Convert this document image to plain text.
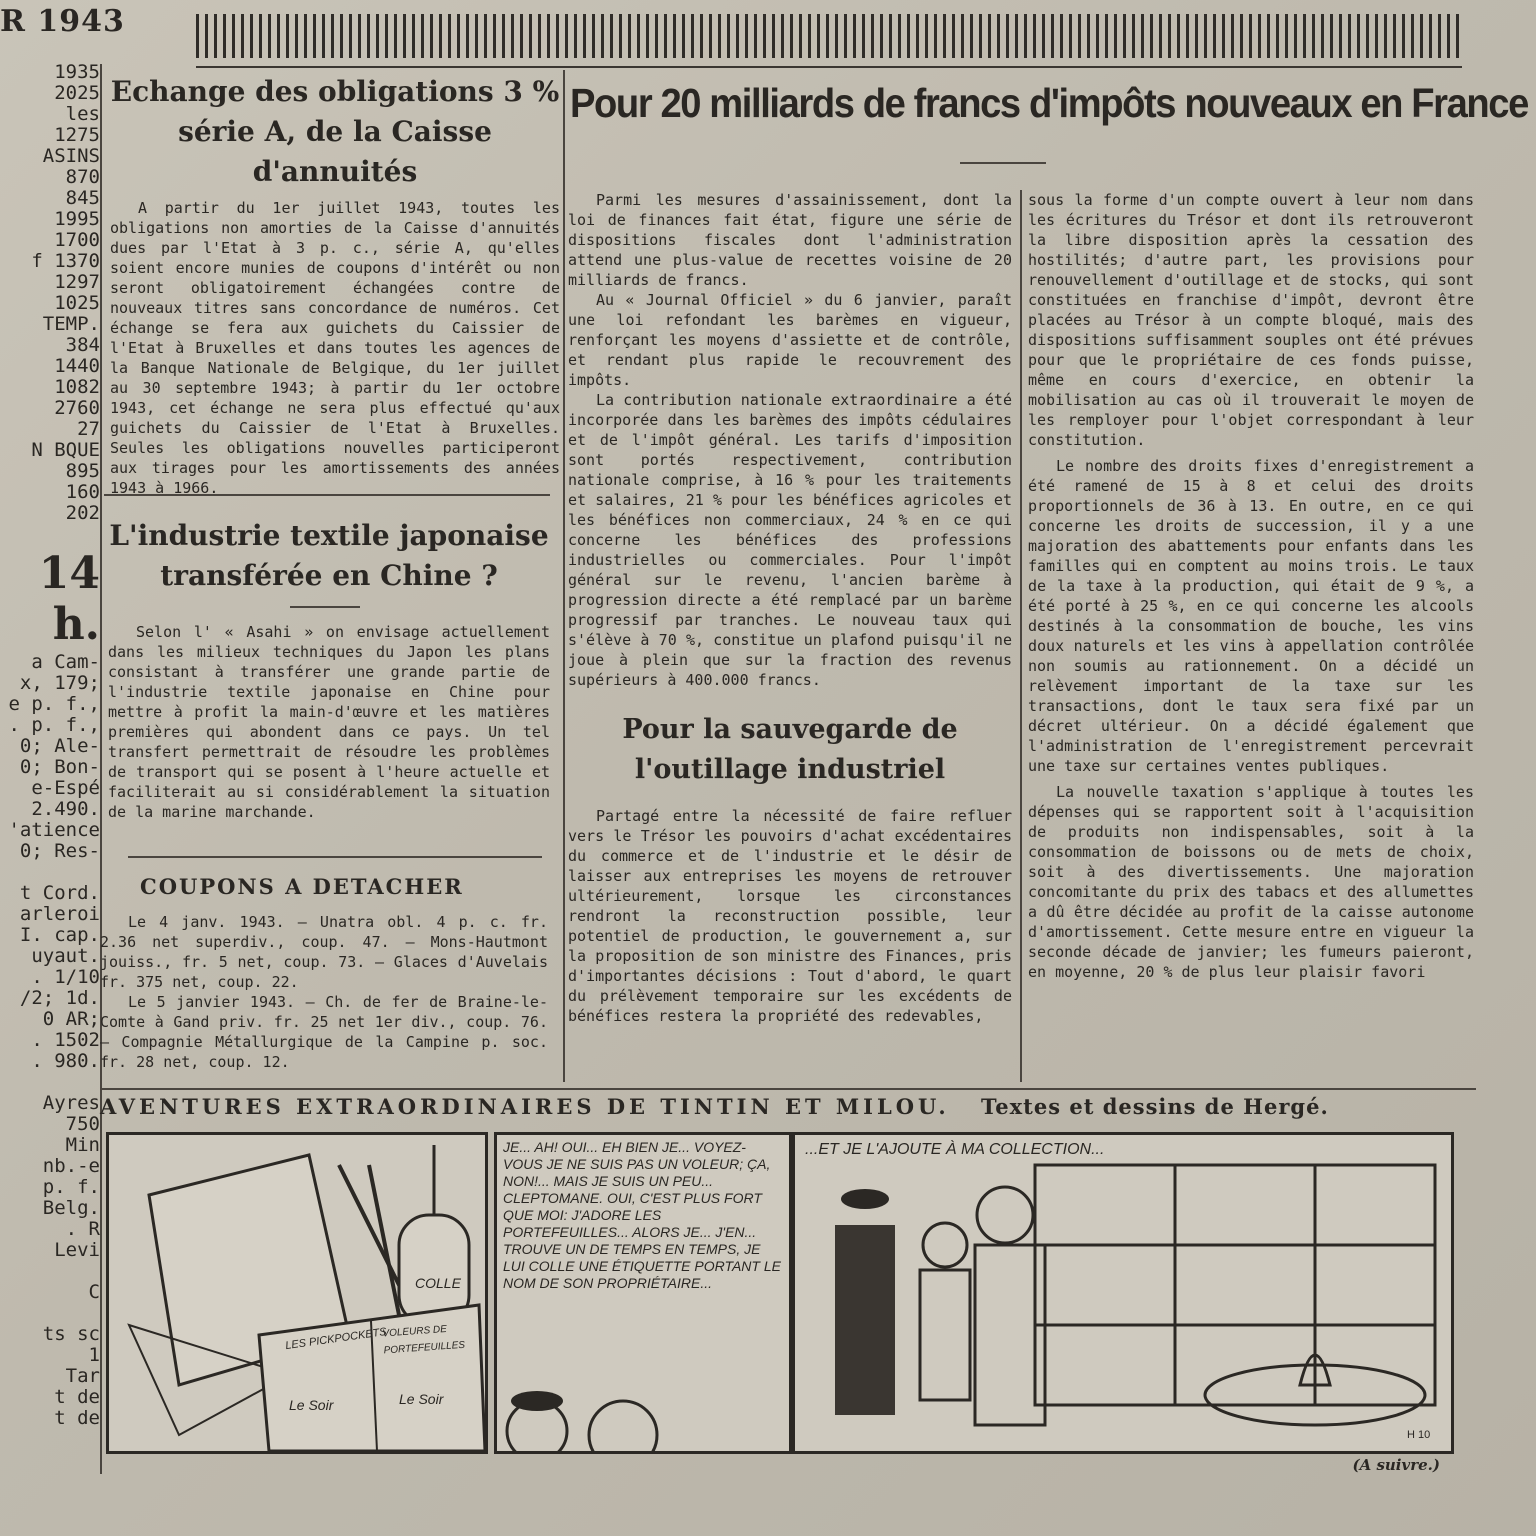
R 1943
1935
2025
les
1275
ASINS
870
845
1995
1700
f 1370
1297
1025
TEMP.
384
1440
1082
2760
27
N BQUE
895
160
202
14 h.
a Cam-
x, 179;
e p. f.,
. p. f.,
0; Ale-
0; Bon-
e-Espé
2.490.
'atience
0; Res-

t Cord.
arleroi
I. cap.
uyaut.
. 1/10
/2; 1d.
0 AR;
. 1502
. 980.

Ayres
750
Min
nb.-e
p. f.
Belg.
. R
Levi

C

ts sc
1
Tar
t de
t de
Echange des obligations 3 % série A, de la Caisse d'annuités

A partir du 1er juillet 1943, toutes les obligations non amorties de la Caisse d'annuités dues par l'Etat à 3 p. c., série A, qu'elles soient encore munies de coupons d'intérêt ou non seront obligatoirement échangées contre de nouveaux titres sans concordance de numéros. Cet échange se fera aux guichets du Caissier de l'Etat à Bruxelles et dans toutes les agences de la Banque Nationale de Belgique, du 1er juillet au 30 septembre 1943; à partir du 1er octobre 1943, cet échange ne sera plus effectué qu'aux guichets du Caissier de l'Etat à Bruxelles. Seules les obligations nouvelles participeront aux tirages pour les amortissements des années 1943 à 1966.

L'industrie textile japonaise transférée en Chine ?

Selon l' « Asahi » on envisage actuellement dans les milieux techniques du Japon les plans consistant à transférer une grande partie de l'industrie textile japonaise en Chine pour mettre à profit la main-d'œuvre et les matières premières qui abondent dans ce pays. Un tel transfert permettrait de résoudre les problèmes de transport qui se posent à l'heure actuelle et faciliterait au si considérablement la situation de la marine marchande.

COUPONS A DETACHER

Le 4 janv. 1943. — Unatra obl. 4 p. c. fr. 2.36 net superdiv., coup. 47. — Mons-Hautmont jouiss., fr. 5 net, coup. 73. — Glaces d'Auvelais fr. 375 net, coup. 22.

Le 5 janvier 1943. — Ch. de fer de Braine-le-Comte à Gand priv. fr. 25 net 1er div., coup. 76. — Compagnie Métallurgique de la Campine p. soc. fr. 28 net, coup. 12.

Pour 20 milliards de francs d'impôts nouveaux en France

Parmi les mesures d'assainissement, dont la loi de finances fait état, figure une série de dispositions fiscales dont l'administration attend une plus-value de recettes voisine de 20 milliards de francs.

Au « Journal Officiel » du 6 janvier, paraît une loi refondant les barèmes en vigueur, renforçant les moyens d'assiette et de contrôle, et rendant plus rapide le recouvrement des impôts.

La contribution nationale extraordinaire a été incorporée dans les barèmes des impôts cédulaires et de l'impôt général. Les tarifs d'imposition sont portés respectivement, contribution nationale comprise, à 16 % pour les traitements et salaires, 21 % pour les bénéfices agricoles et les bénéfices non commerciaux, 24 % en ce qui concerne les bénéfices des professions industrielles ou commerciales. Pour l'impôt général sur le revenu, l'ancien barème à progression directe a été remplacé par un barème progressif par tranches. Le nouveau taux qui s'élève à 70 %, constitue un plafond puisqu'il ne joue à plein que sur la fraction des revenus supérieurs à 400.000 francs.

Pour la sauvegarde de l'outillage industriel

Partagé entre la nécessité de faire refluer vers le Trésor les pouvoirs d'achat excédentaires du commerce et de l'industrie et le désir de laisser aux entreprises les moyens de retrouver ultérieurement, lorsque les circonstances rendront la reconstruction possible, leur potentiel de production, le gouvernement a, sur la proposition de son ministre des Finances, pris d'importantes décisions : Tout d'abord, le quart du prélèvement temporaire sur les excédents de bénéfices restera la propriété des redevables,

sous la forme d'un compte ouvert à leur nom dans les écritures du Trésor et dont ils retrouveront la libre disposition après la cessation des hostilités; d'autre part, les provisions pour renouvellement d'outillage et de stocks, qui sont constituées en franchise d'impôt, devront être placées au Trésor à un compte bloqué, mais des dispositions suffisamment souples ont été prévues pour que le propriétaire de ces fonds puisse, même en cours d'exercice, en obtenir la mobilisation au cas où il trouverait le moyen de les remployer pour l'objet correspondant à leur constitution.

Le nombre des droits fixes d'enregistrement a été ramené de 15 à 8 et celui des droits proportionnels de 36 à 13. En outre, en ce qui concerne les droits de succession, il y a une majoration des abattements pour enfants dans les familles qui en comptent au moins trois. Le taux de la taxe à la production, qui était de 9 %, a été porté à 25 %, en ce qui concerne les alcools destinés à la consommation de bouche, les vins doux naturels et les vins à appellation contrôlée non soumis au rationnement. On a décidé un relèvement important de la taxe sur les transactions, dont le taux sera fixé par un décret ultérieur. On a décidé également que l'administration de l'enregistrement percevrait une taxe sur certaines ventes publiques.

La nouvelle taxation s'applique à toutes les dépenses qui se rapportent soit à l'acquisition de produits non indispensables, soit à la consommation de boissons ou de mets de choix, soit à des divertissements. Une majoration concomitante du prix des tabacs et des allumettes a dû être décidée au profit de la caisse autonome d'amortissement. Cette mesure entre en vigueur la seconde décade de janvier; les fumeurs paieront, en moyenne, 20 % de plus leur plaisir favori

AVENTURES EXTRAORDINAIRES DE TINTIN ET MILOU. Textes et dessins de Hergé.
LES PICKPOCKETS
VOLEURS DE PORTEFEUILLES
COLLE
Le Soir	Le Soir
JE... AH! OUI... EH BIEN JE... VOYEZ-VOUS JE NE SUIS PAS UN VOLEUR; ÇA, NON!... MAIS JE SUIS UN PEU... CLEPTOMANE. OUI, C'EST PLUS FORT QUE MOI: J'ADORE LES PORTEFEUILLES... ALORS JE... J'EN... TROUVE UN DE TEMPS EN TEMPS, JE LUI COLLE UNE ÉTIQUETTE PORTANT LE NOM DE SON PROPRIÉTAIRE...
...ET JE L'AJOUTE À MA COLLECTION...
H 10
(A suivre.)
